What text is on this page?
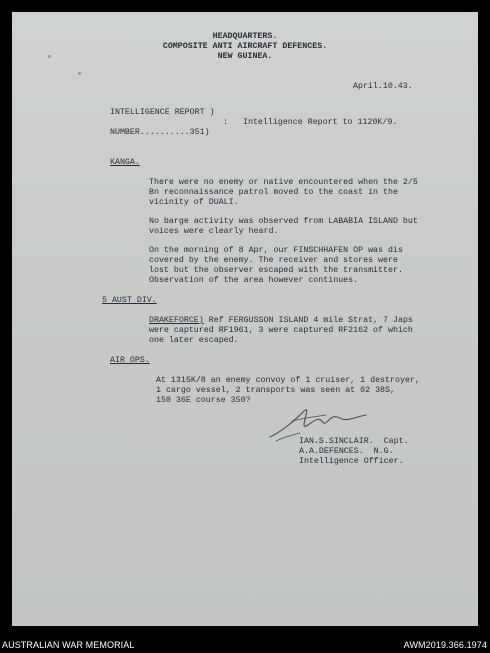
HEADQUARTERS.
COMPOSITE ANTI AIRCRAFT DEFENCES.
NEW GUINEA.
April.10.43.
INTELLIGENCE REPORT )
:
NUMBER..........351)
Intelligence Report to 1120K/9.
KANGA.
There were no enemy or native encountered when the 2/5
Bn reconnaissance patrol moved to the coast in the
vicinity of DUALI.
No barge activity was observed from LABABIA ISLAND but
voices were clearly heard.
On the morning of 8 Apr, our FINSCHHAFEN OP was dis
covered by the enemy. The receiver and stores were
lost but the observer escaped with the transmitter.
Observation of the area however continues.
5 AUST DIV.
DRAKEFORCE) Ref FERGUSSON ISLAND 4 mile Strat, 7 Japs
were captured RF1961, 3 were captured RF2162 of which
one later escaped.
AIR OPS.
At 1315K/8 an enemy convoy of 1 cruiser, 1 destroyer,
1 cargo vessel, 2 transports was seen at 02 38S,
150 36E course 350?
IAN.S.SINCLAIR.  Capt.
A.A.DEFENCES.  N.G.
Intelligence Officer.
AUSTRALIAN WAR MEMORIAL	AWM2019.366.1974
